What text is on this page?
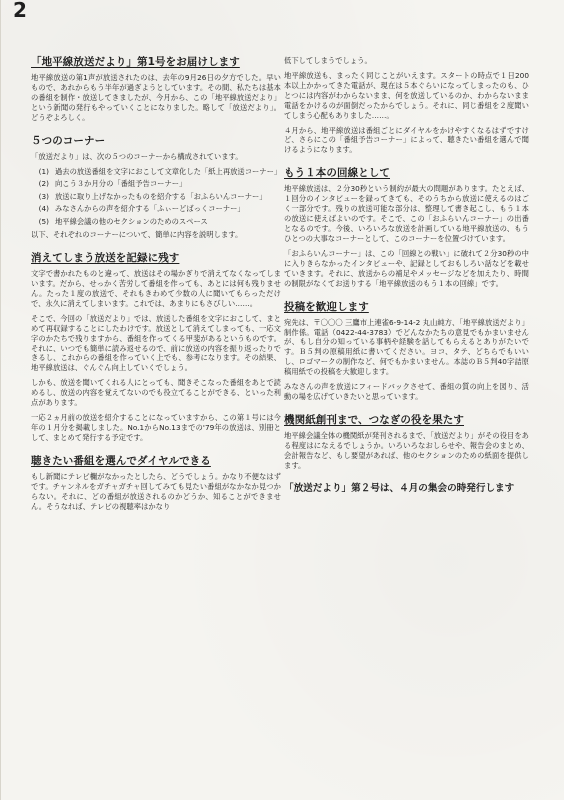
2
「地平線放送だより」第1号をお届けします

地平線放送の第1声が放送されたのは、去年の9月26日の夕方でした。早いもので、あれからもう半年が過ぎようとしています。その間、私たちは基本の番組を制作・放送してきましたが、今月から、この「地平線放送だより」という新聞の発行もやっていくことになりました。略して「放送だより」。どうぞよろしく。

５つのコーナー

「放送だより」は、次の５つのコーナーから構成されています。

(1) 過去の放送番組を文字におこして文章化した「紙上再放送コーナー」
(2) 向こう３か月分の「番組予告コーナー」
(3) 放送に取り上げなかったものを紹介する「おふらいんコーナー」
(4) みなさんからの声を紹介する「ふぃーどばっくコーナー」
(5) 地平線会議の他のセクションのためのスペース

以下、それぞれのコーナーについて、簡単に内容を説明します。

消えてしまう放送を記録に残す

文字で書かれたものと違って、放送はその場かぎりで消えてなくなってしまいます。だから、せっかく苦労して番組を作っても、あとには何も残りません。たった１度の放送で、それもきわめて少数の人に聞いてもらっただけで、永久に消えてしまいます。これでは、あまりにもさびしい……。

そこで、今回の「放送だより」では、放送した番組を文字におこして、まとめて再収録することにしたわけです。放送として消えてしまっても、一応文字のかたちで残りますから、番組を作ってくる甲斐があるというものです。それに、いつでも簡単に読み返せるので、前に放送の内容を振り返ったりできるし、これからの番組を作っていく上でも、参考になります。その結果、地平線放送は、ぐんぐん向上していくでしょう。

しかも、放送を聞いてくれる人にとっても、聞きそこなった番組をあとで読めるし、放送の内容を覚えてないのでも役立てることができる、といった利点があります。

一応２ヵ月前の放送を紹介することになっていますから、この第１号には今年の１月分を掲載しました。No.1からNo.13までの'79年の放送は、別冊として、まとめて発行する予定です。

聴きたい番組を選んでダイヤルできる

もし新聞にテレビ欄がなかったとしたら、どうでしょう。かなり不便なはずです。チャンネルをガチャガチャ回してみても見たい番組がなかなか見つからない。それに、どの番組が放送されるのかどうか、知ることができません。そうなれば、テレビの視聴率はかなり

低下してしまうでしょう。

地平線放送も、まったく同じことがいえます。スタートの時点で１日200本以上かかってきた電話が、現在は５本ぐらいになってしまったのも、ひとつには内容がわからないまま、何を放送しているのか、わからないまま電話をかけるのが面倒だったからでしょう。それに、同じ番組を２度聞いてしまう心配もありました……。

４月から、地平線放送は番組ごとにダイヤルをかけやすくなるはずですけど、さらにこの「番組予告コーナー」によって、聴きたい番組を選んで聞けるようになります。

もう１本の回線として

地平線放送は、２分30秒という制約が最大の問題があります。たとえば、１回分のインタビューを録ってきても、そのうちから放送に使えるのはごく一部分です。残りの放送可能な部分は、整理して書き起こし、もう１本の放送に使えばよいのです。そこで、この「おふらいんコーナー」の出番となるのです。今後、いろいろな放送を計画している地平線放送の、もうひとつの大事なコーナーとして、このコーナーを位置づけています。

「おふらいんコーナー」は、この「回線との戦い」に破れて２分30秒の中に入りきらなかったインタビューや、記録としておもしろい話などを載せていきます。それに、放送からの補足やメッセージなどを加えたり、時間の制限がなくてお送りする「地平線放送のもう１本の回線」です。

投稿を歓迎します

宛先は、〒〇〇〇 三鷹市上連雀6-9-14-2 丸山純方、「地平線放送だより」制作係。電話（0422-44-3783）でどんなかたちの意見でもかまいませんが、もし自分の知っている事柄や経験を話してもらえるとありがたいです。Ｂ５判の原稿用紙に書いてください。ヨコ、タテ、どちらでもいいし、ロゴマークの制作など、何でもかまいません。本誌のＢ５判40字詰原稿用紙での投稿を大歓迎します。

みなさんの声を放送にフィードバックさせて、番組の質の向上を図り、活動の場を広げていきたいと思っています。

機関紙創刊まで、つなぎの役を果たす

地平線会議全体の機関紙が発刊されるまで、「放送だより」がその役目をある程度はになえるでしょうか。いろいろなおしらせや、報告会のまとめ、会計報告など、もし要望があれば、他のセクションのための紙面を提供します。

「放送だより」第２号は、４月の集会の時発行します
